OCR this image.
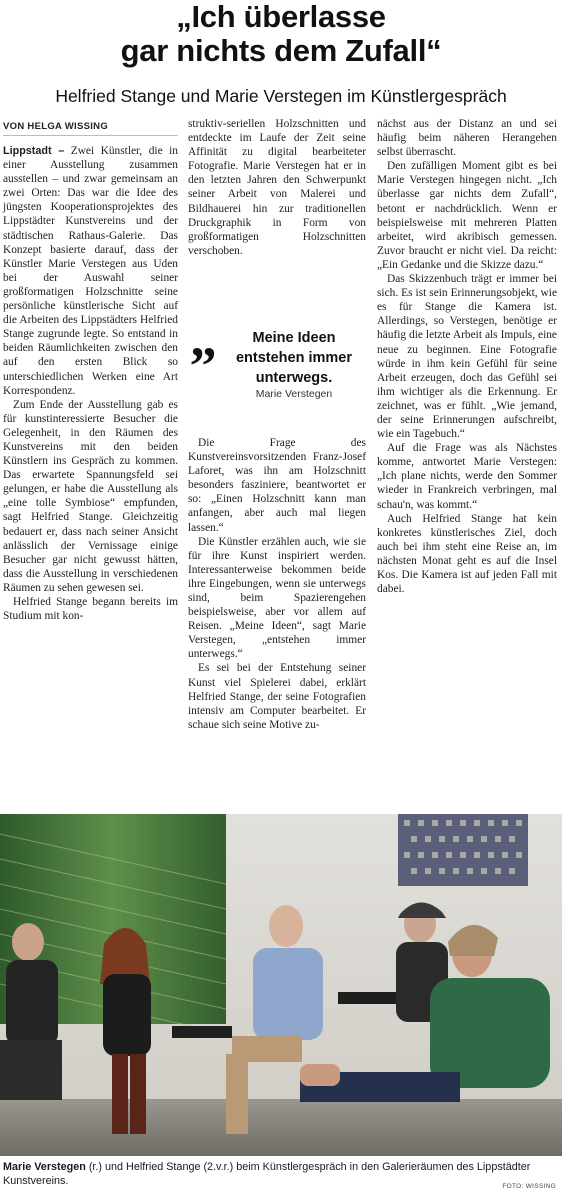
„Ich überlasse
gar nichts dem Zufall“
Helfried Stange und Marie Verstegen im Künstlergespräch
VON HELGA WISSING

Lippstadt – Zwei Künstler, die in einer Ausstellung zusammen ausstellen – und zwar gemeinsam an zwei Orten: Das war die Idee des jüngsten Kooperationsprojektes des Lippstädter Kunstvereins und der städtischen Rathaus-Galerie. Das Konzept basierte darauf, dass der Künstler Marie Verstegen aus Uden bei der Auswahl seiner großformatigen Holzschnitte seine persönliche künstlerische Sicht auf die Arbeiten des Lippstädters Helfried Stange zugrunde legte. So entstand in beiden Räumlichkeiten zwischen den auf den ersten Blick so unterschiedlichen Werken eine Art Korrespondenz.

Zum Ende der Ausstellung gab es für kunstinteressierte Besucher die Gelegenheit, in den Räumen des Kunstvereins mit den beiden Künstlern ins Gespräch zu kommen. Das erwartete Spannungsfeld sei gelungen, er habe die Ausstellung als „eine tolle Symbiose“ empfunden, sagt Helfried Stange. Gleichzeitig bedauert er, dass nach seiner Ansicht anlässlich der Vernissage einige Besucher gar nicht gewusst hätten, dass die Ausstellung in verschiedenen Räumen zu sehen gewesen sei.

Helfried Stange begann bereits im Studium mit kon-

struktiv-seriellen Holzschnitten und entdeckte im Laufe der Zeit seine Affinität zu digital bearbeiteter Fotografie. Marie Verstegen hat er in den letzten Jahren den Schwerpunkt seiner Arbeit von Malerei und Bildhauerei hin zur traditionellen Druckgraphik in Form von großformatigen Holzschnitten verschoben.

Die Frage des Kunstvereinsvorsitzenden Franz-Josef Laforet, was ihn am Holzschnitt besonders fasziniere, beantwortet er so: „Einen Holzschnitt kann man anfangen, aber auch mal liegen lassen.“

Die Künstler erzählen auch, wie sie für ihre Kunst inspiriert werden. Interessanterweise bekommen beide ihre Eingebungen, wenn sie unterwegs sind, beim Spazierengehen beispielsweise, aber vor allem auf Reisen. „Meine Ideen“, sagt Marie Verstegen, „entstehen immer unterwegs.“

Es sei bei der Entstehung seiner Kunst viel Spielerei dabei, erklärt Helfried Stange, der seine Fotografien intensiv am Computer bearbeitet. Er schaue sich seine Motive zu-

„	Meine Ideen entstehen immer unterwegs.
Marie Verstegen

nächst aus der Distanz an und sei häufig beim näheren Herangehen selbst überrascht.

Den zufälligen Moment gibt es bei Marie Verstegen hingegen nicht. „Ich überlasse gar nichts dem Zufall“, betont er nachdrücklich. Wenn er beispielsweise mit mehreren Platten arbeitet, wird akribisch gemessen. Zuvor braucht er nicht viel. Da reicht: „Ein Gedanke und die Skizze dazu.“

Das Skizzenbuch trägt er immer bei sich. Es ist sein Erinnerungsobjekt, wie es für Stange die Kamera ist. Allerdings, so Verstegen, benötige er häufig die letzte Arbeit als Impuls, eine neue zu beginnen. Eine Fotografie würde in ihm kein Gefühl für seine Arbeit erzeugen, doch das Gefühl sei ihm wichtiger als die Erkennung. Er zeichnet, was er fühlt. „Wie jemand, der seine Erinnerungen aufschreibt, wie ein Tagebuch.“

Auf die Frage was als Nächstes komme, antwortet Marie Verstegen: „Ich plane nichts, werde den Sommer wieder in Frankreich verbringen, mal schau'n, was kommt.“

Auch Helfried Stange hat kein konkretes künstlerisches Ziel, doch auch bei ihm steht eine Reise an, im nächsten Monat geht es auf die Insel Kos. Die Kamera ist auf jeden Fall mit dabei.

Marie Verstegen (r.) und Helfried Stange (2.v.r.) beim Künstlergespräch in den Galerieräumen des Lippstädter Kunstvereins.	FOTO: WISSING
